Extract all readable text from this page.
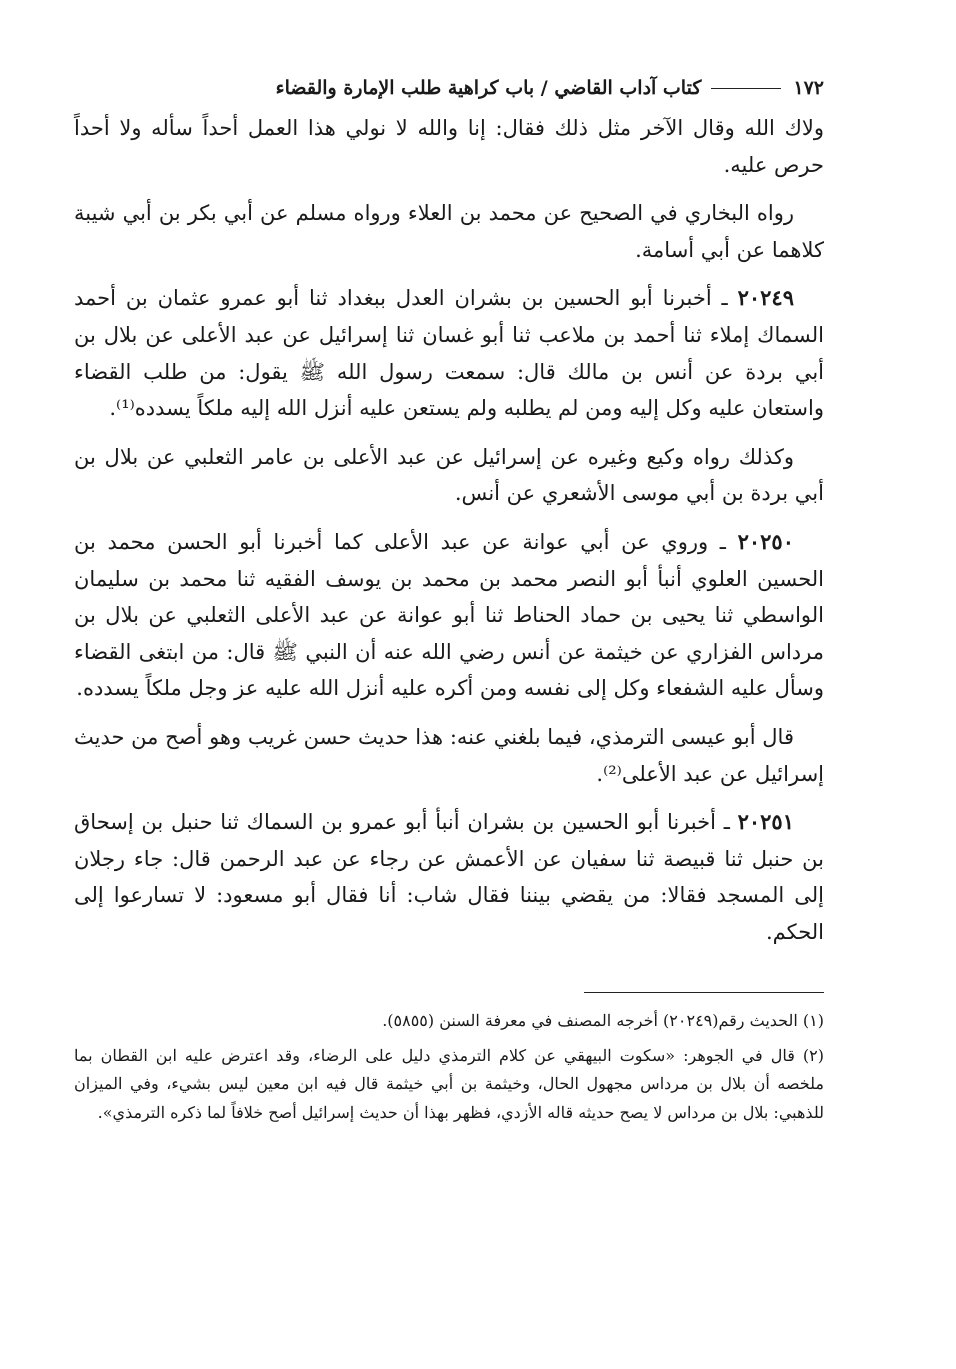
١٧٢
كتاب آداب القاضي / باب كراهية طلب الإمارة والقضاء

ولاك الله وقال الآخر مثل ذلك فقال: إنا والله لا نولي هذا العمل أحداً سأله ولا أحداً حرص عليه.

رواه البخاري في الصحيح عن محمد بن العلاء ورواه مسلم عن أبي بكر بن أبي شيبة كلاهما عن أبي أسامة.

٢٠٢٤٩ ـ أخبرنا أبو الحسين بن بشران العدل ببغداد ثنا أبو عمرو عثمان بن أحمد السماك إملاء ثنا أحمد بن ملاعب ثنا أبو غسان ثنا إسرائيل عن عبد الأعلى عن بلال بن أبي بردة عن أنس بن مالك قال: سمعت رسول الله ﷺ يقول: من طلب القضاء واستعان عليه وكل إليه ومن لم يطلبه ولم يستعن عليه أنزل الله إليه ملكاً يسدده⁽¹⁾.

وكذلك رواه وكيع وغيره عن إسرائيل عن عبد الأعلى بن عامر الثعلبي عن بلال بن أبي بردة بن أبي موسى الأشعري عن أنس.

٢٠٢٥٠ ـ وروي عن أبي عوانة عن عبد الأعلى كما أخبرنا أبو الحسن محمد بن الحسين العلوي أنبأ أبو النصر محمد بن محمد بن يوسف الفقيه ثنا محمد بن سليمان الواسطي ثنا يحيى بن حماد الحناط ثنا أبو عوانة عن عبد الأعلى الثعلبي عن بلال بن مرداس الفزاري عن خيثمة عن أنس رضي الله عنه أن النبي ﷺ قال: من ابتغى القضاء وسأل عليه الشفعاء وكل إلى نفسه ومن أكره عليه أنزل الله عليه عز وجل ملكاً يسدده.

قال أبو عيسى الترمذي، فيما بلغني عنه: هذا حديث حسن غريب وهو أصح من حديث إسرائيل عن عبد الأعلى⁽²⁾.

٢٠٢٥١ ـ أخبرنا أبو الحسين بن بشران أنبأ أبو عمرو بن السماك ثنا حنبل بن إسحاق بن حنبل ثنا قبيصة ثنا سفيان عن الأعمش عن رجاء عن عبد الرحمن قال: جاء رجلان إلى المسجد فقالا: من يقضي بيننا فقال شاب: أنا فقال أبو مسعود: لا تسارعوا إلى الحكم.

(١) الحديث رقم(٢٠٢٤٩) أخرجه المصنف في معرفة السنن (٥٨٥٥).

(٢) قال في الجوهر: «سكوت البيهقي عن كلام الترمذي دليل على الرضاء، وقد اعترض عليه ابن القطان بما ملخصه أن بلال بن مرداس مجهول الحال، وخيثمة بن أبي خيثمة قال فيه ابن معين ليس بشيء، وفي الميزان للذهبي: بلال بن مرداس لا يصح حديثه قاله الأزدي، فظهر بهذا أن حديث إسرائيل أصح خلافاً لما ذكره الترمذي».
